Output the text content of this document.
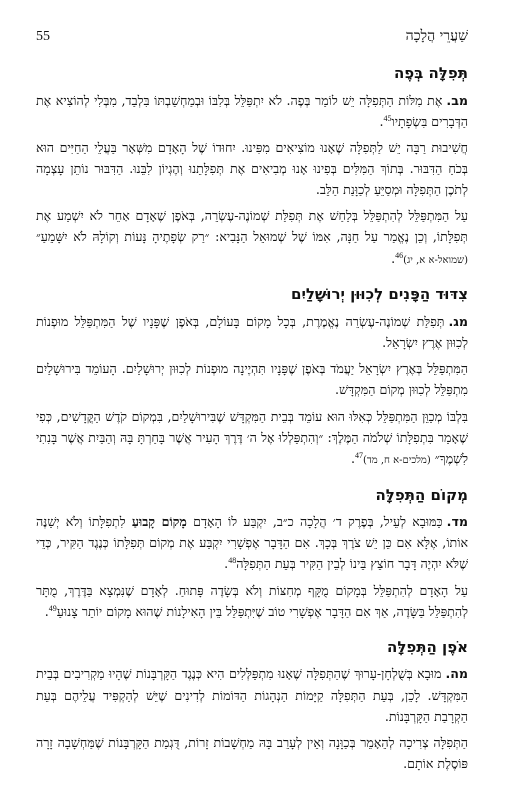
שַׁעֲרֵי הֲלָכָה
55
תְּפִלָּה בְּפֶה

מב.אֶת מִלּוֹת הַתְּפִלָּה יֵשׁ לוֹמַר בְּפֶה. לֹא יִתְפַּלֵּל בְּלִבּוֹ וּבְמַחְשַׁבְתּוֹ בִּלְבַד, מִבְּלִי לְהוֹצִיא אֶת הַדְּבָרִים בִּשְׂפָתָיו$^{45}$.

חֲשִׁיבוּת רַבָּה יֵשׁ לַתְּפִלָּה שֶׁאָנוּ מוֹצִיאִים מִפִּינוּ. יִחוּדוֹ שֶׁל הָאָדָם מִשְּׁאָר בַּעֲלֵי הַחַיִּים הוּא בְּכֹחַ הַדִּבּוּר. בְּתוֹךְ הַמִּלִּים בְּפִינוּ אָנוּ מְבִיאִים אֶת תְּפִלָּתֵנוּ וְהֶגְיוֹן לִבֵּנוּ. הַדִּבּוּר נוֹתֵן עָצְמָה לְתֹכֶן הַתְּפִלָּה וּמְסַיֵּעַ לְכַוָּנַת הַלֵּב.

עַל הַמִּתְפַּלֵּל לְהִתְפַּלֵּל בְּלַחַשׁ אֶת תְּפִלַּת שְׁמוֹנֶה-עֶשְׂרֵה, בְּאֹפֶן שֶׁאָדָם אַחֵר לֹא יִשְׁמַע אֶת תְּפִלָּתוֹ, וְכֵן נֶאֱמַר עַל חַנָּה, אִמּוֹ שֶׁל שְׁמוּאֵל הַנָּבִיא: ״רַק שְׂפָתֶיהָ נָּעוֹת וְקוֹלָהּ לֹא יִשָּׁמֵעַ״ (שמואל-א א, יג)$^{46}$.

צִדּוּד הַפָּנִים לְכִוּוּן יְרוּשָׁלַיִם

מג.תְּפִלַּת שְׁמוֹנֶה-עֶשְׂרֵה נֶאֱמֶרֶת, בְּכָל מָקוֹם בָּעוֹלָם, בְּאֹפֶן שֶׁפָּנָיו שֶׁל הַמִּתְפַּלֵּל מוּפְנוֹת לְכִוּוּן אֶרֶץ יִשְׂרָאֵל.

הַמִּתְפַּלֵּל בְּאֶרֶץ יִשְׂרָאֵל יַעֲמֹד בְּאֹפֶן שֶׁפָּנָיו תִּהְיֶינָה מוּפְנוֹת לְכִוּוּן יְרוּשָׁלַיִם. הָעוֹמֵד בִּירוּשָׁלַיִם מִתְפַּלֵּל לְכִוּוּן מְקוֹם הַמִּקְדָּשׁ.

בִּלְבּוֹ מְכַוֵּן הַמִּתְפַּלֵּל כְּאִלּוּ הוּא עוֹמֵד בְּבֵית הַמִּקְדָּשׁ שֶׁבִּירוּשָׁלַיִם, בִּמְקוֹם קֹדֶשׁ הַקֳּדָשִׁים, כְּפִי שֶׁאָמַר בִּתְפִלָּתוֹ שְׁלֹמֹה הַמֶּלֶךְ: ״וְהִתְפַּלְלוּ אֶל ה׳ דֶּרֶךְ הָעִיר אֲשֶׁר בָּחַרְתָּ בָּהּ וְהַבַּיִת אֲשֶׁר בָּנִתִי לִשְׁמֶךָ״ (מלכים-א ח, מד)$^{47}$.

מְקוֹם הַתְּפִלָּה

מד.כַּמּוּבָא לְעֵיל, בְּפֶרֶק ד׳ הֲלָכָה כ״ב, יִקְבַּע לוֹ הָאָדָם מָקוֹם קָבוּעַ לִתְפִלָּתוֹ וְלֹא יְשַׁנֶּה אוֹתוֹ, אֶלָּא אִם כֵּן יֵשׁ צֹרֶךְ בְּכָךְ. אִם הַדָּבָר אֶפְשָׁרִי יִקְבַּע אֶת מְקוֹם תְּפִלָּתוֹ כְּנֶגֶד הַקִּיר, כְּדֵי שֶׁלֹּא יִהְיֶה דָּבָר חוֹצֵץ בֵּינוֹ לְבֵין הַקִּיר בְּעֵת הַתְּפִלָּה$^{48}$.

עַל הָאָדָם לְהִתְפַּלֵּל בְּמָקוֹם מֻקָּף מְחִצּוֹת וְלֹא בְּשָׂדֶה פָּתוּחַ. לְאָדָם שֶׁנִּמְצָא בַּדֶּרֶךְ, מֻתָּר לְהִתְפַּלֵּל בַּשָּׂדֶה, אַךְ אִם הַדָּבָר אֶפְשָׁרִי טוֹב שֶׁיִּתְפַּלֵּל בֵּין הָאִילָנוֹת שֶׁהוּא מָקוֹם יוֹתֵר צָנוּעַ$^{49}$.

אֹפֶן הַתְּפִלָּה

מה.מוּבָא בְּשֻׁלְחָן-עָרוּךְ שֶׁהַתְּפִלָּה שֶׁאָנוּ מִתְפַּלְּלִים הִיא כְּנֶגֶד הַקָּרְבָּנוֹת שֶׁהָיוּ מַקְרִיבִים בְּבֵית הַמִּקְדָּשׁ. לָכֵן, בְּעֵת הַתְּפִלָּה קַיָּמוֹת הַנְהָגוֹת הַדּוֹמוֹת לְדִינִים שֶׁיֵּשׁ לְהַקְפִּיד עֲלֵיהֶם בְּעֵת הַקְרָבַת הַקָּרְבָּנוֹת.

הַתְּפִלָּה צְרִיכָה לְהֵאָמֵר בְּכַוָּנָה וְאֵין לְעָרֵב בָּהּ מַחְשָׁבוֹת זָרוֹת, דֻּגְמַת הַקָּרְבָּנוֹת שֶׁמַּחְשָׁבָה זָרָה פּוֹסֶלֶת אוֹתָם.
